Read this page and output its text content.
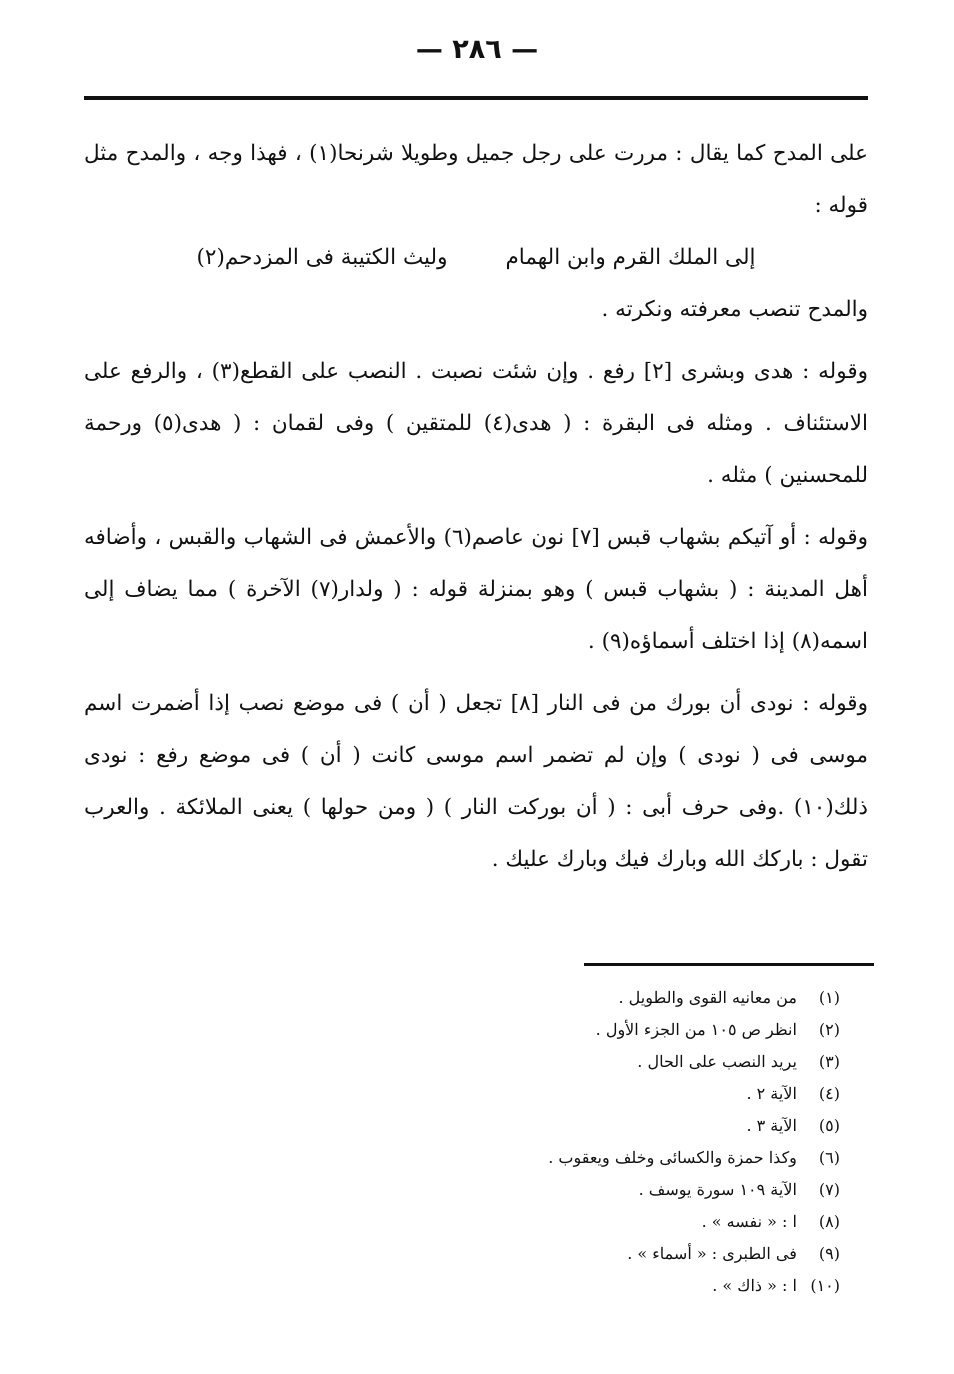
— ٢٨٦ —

على المدح كما يقال : مررت على رجل جميل وطويلا شرنحا(١) ، فهذا وجه ، والمدح مثل قوله :

إلى الملك القرم وابن الهمام
وليث الكتيبة فى المزدحم(٢)

والمدح تنصب معرفته ونكرته .

وقوله : هدى وبشرى [٢] رفع . وإن شئت نصبت . النصب على القطع(٣) ، والرفع على الاستئناف . ومثله فى البقرة : ( هدى(٤) للمتقين ) وفى لقمان : ( هدى(٥) ورحمة للمحسنين ) مثله .

وقوله : أو آتيكم بشهاب قبس [٧] نون عاصم(٦) والأعمش فى الشهاب والقبس ، وأضافه أهل المدينة : ( بشهاب قبس ) وهو بمنزلة قوله : ( ولدار(٧) الآخرة ) مما يضاف إلى اسمه(٨) إذا اختلف أسماؤه(٩) .

وقوله : نودى أن بورك من فى النار [٨] تجعل ( أن ) فى موضع نصب إذا أضمرت اسم موسى فى ( نودى ) وإن لم تضمر اسم موسى كانت ( أن ) فى موضع رفع : نودى ذلك(١٠) .وفى حرف أبى : ( أن بوركت النار ) ( ومن حولها ) يعنى الملائكة . والعرب تقول : باركك الله وبارك فيك وبارك عليك .

(١) من معانيه القوى والطويل .
(٢) انظر ص ١٠٥ من الجزء الأول .
(٣) يريد النصب على الحال .
(٤) الآية ٢ .
(٥) الآية ٣ .
(٦) وكذا حمزة والكسائى وخلف ويعقوب .
(٧) الآية ١٠٩ سورة يوسف .
(٨) ا : « نفسه » .
(٩) فى الطبرى : « أسماء » .
(١٠) ا : « ذاك » .
